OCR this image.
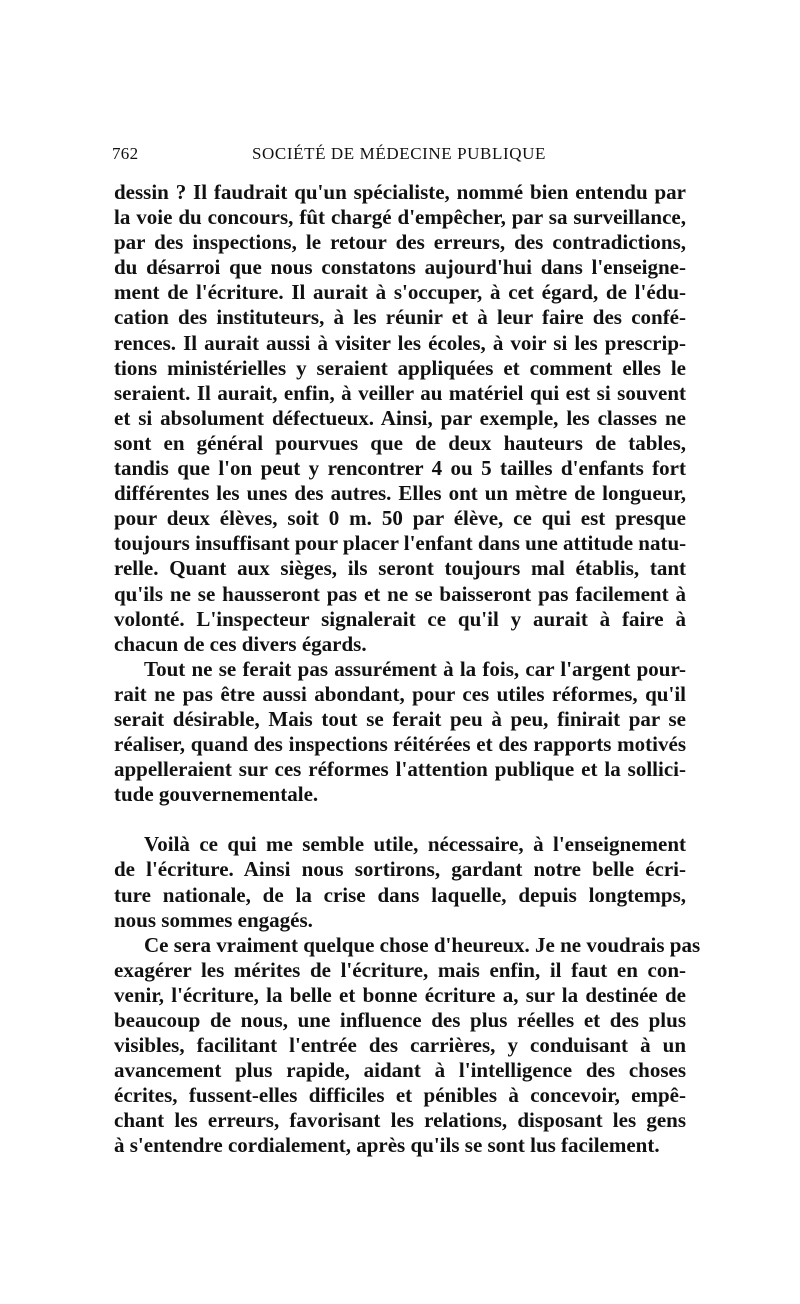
762	SOCIÉTÉ DE MÉDECINE PUBLIQUE

dessin ? Il faudrait qu'un spécialiste, nommé bien entendu par
la voie du concours, fût chargé d'empêcher, par sa surveillance,
par des inspections, le retour des erreurs, des contradictions,
du désarroi que nous constatons aujourd'hui dans l'enseigne-
ment de l'écriture. Il aurait à s'occuper, à cet égard, de l'édu-
cation des instituteurs, à les réunir et à leur faire des confé-
rences. Il aurait aussi à visiter les écoles, à voir si les prescrip-
tions ministérielles y seraient appliquées et comment elles le
seraient. Il aurait, enfin, à veiller au matériel qui est si souvent
et si absolument défectueux. Ainsi, par exemple, les classes ne
sont en général pourvues que de deux hauteurs de tables,
tandis que l'on peut y rencontrer 4 ou 5 tailles d'enfants fort
différentes les unes des autres. Elles ont un mètre de longueur,
pour deux élèves, soit 0 m. 50 par élève, ce qui est presque
toujours insuffisant pour placer l'enfant dans une attitude natu-
relle. Quant aux sièges, ils seront toujours mal établis, tant
qu'ils ne se hausseront pas et ne se baisseront pas facilement à
volonté. L'inspecteur signalerait ce qu'il y aurait à faire à
chacun de ces divers égards.

Tout ne se ferait pas assurément à la fois, car l'argent pour-
rait ne pas être aussi abondant, pour ces utiles réformes, qu'il
serait désirable, Mais tout se ferait peu à peu, finirait par se
réaliser, quand des inspections réitérées et des rapports motivés
appelleraient sur ces réformes l'attention publique et la sollici-
tude gouvernementale.

Voilà ce qui me semble utile, nécessaire, à l'enseignement
de l'écriture. Ainsi nous sortirons, gardant notre belle écri-
ture nationale, de la crise dans laquelle, depuis longtemps,
nous sommes engagés.

Ce sera vraiment quelque chose d'heureux. Je ne voudrais pas
exagérer les mérites de l'écriture, mais enfin, il faut en con-
venir, l'écriture, la belle et bonne écriture a, sur la destinée de
beaucoup de nous, une influence des plus réelles et des plus
visibles, facilitant l'entrée des carrières, y conduisant à un
avancement plus rapide, aidant à l'intelligence des choses
écrites, fussent-elles difficiles et pénibles à concevoir, empê-
chant les erreurs, favorisant les relations, disposant les gens
à s'entendre cordialement, après qu'ils se sont lus facilement.
